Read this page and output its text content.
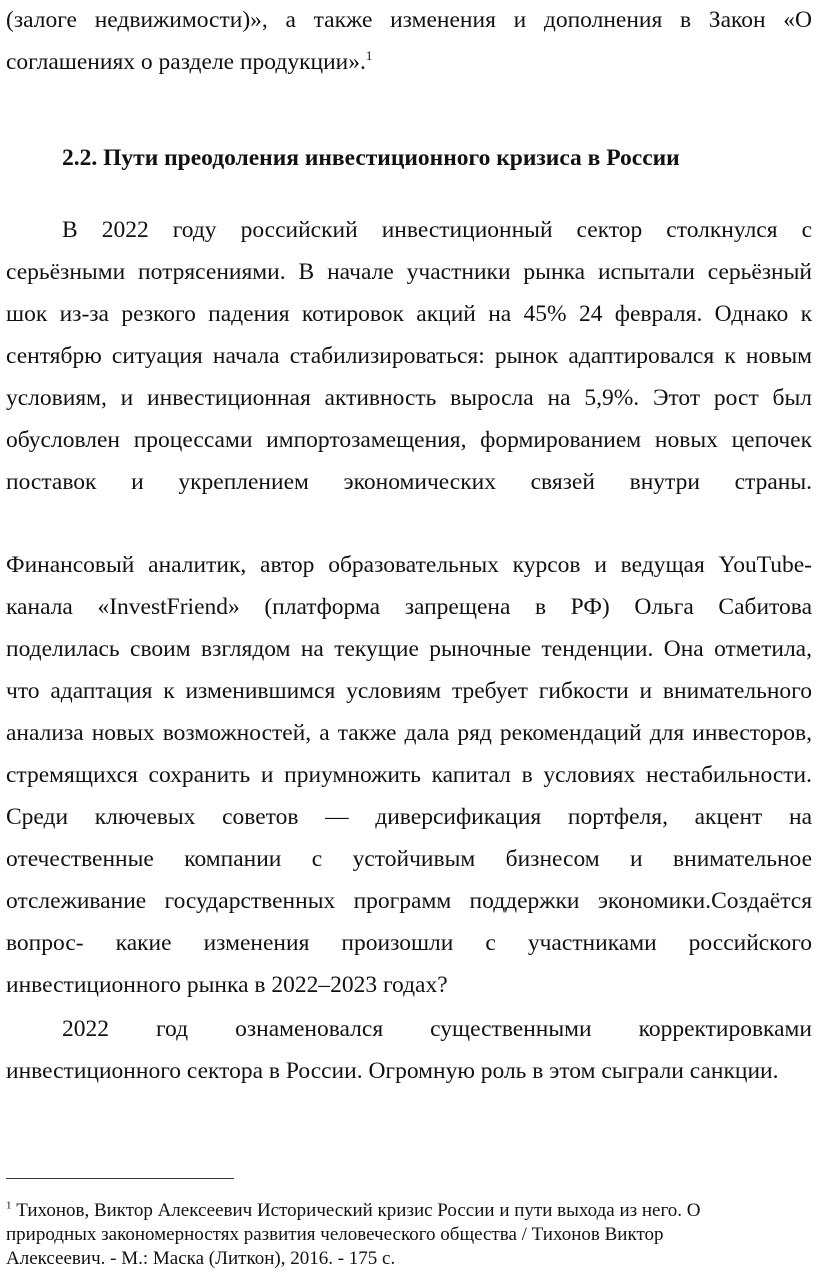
(залоге недвижимости)», а также изменения и дополнения в Закон «О
соглашениях о разделе продукции».$^1$
2.2. Пути преодоления инвестиционного кризиса в России
В 2022 году российский инвестиционный сектор столкнулся с
серьёзными потрясениями. В начале участники рынка испытали серьёзный
шок из-за резкого падения котировок акций на 45% 24 февраля. Однако к
сентябрю ситуация начала стабилизироваться: рынок адаптировался к новым
условиям, и инвестиционная активность выросла на 5,9%. Этот рост был
обусловлен процессами импортозамещения, формированием новых цепочек
поставок и укреплением экономических связей внутри страны.
Финансовый аналитик, автор образовательных курсов и ведущая YouTube-
канала «InvestFriend» (платформа запрещена в РФ) Ольга Сабитова
поделилась своим взглядом на текущие рыночные тенденции. Она отметила,
что адаптация к изменившимся условиям требует гибкости и внимательного
анализа новых возможностей, а также дала ряд рекомендаций для инвесторов,
стремящихся сохранить и приумножить капитал в условиях нестабильности.
Среди ключевых советов — диверсификация портфеля, акцент на
отечественные компании с устойчивым бизнесом и внимательное
отслеживание государственных программ поддержки экономики.Создаётся
вопрос- какие изменения произошли с участниками российского
инвестиционного рынка в 2022–2023 годах?
2022 год ознаменовался существенными корректировками
инвестиционного сектора в России. Огромную роль в этом сыграли санкции.
$^1$ Тихонов, Виктор Алексеевич Исторический кризис России и пути выхода из него. О
природных закономерностях развития человеческого общества / Тихонов Виктор
Алексеевич. - М.: Маска (Литкон), 2016. - 175 с.
